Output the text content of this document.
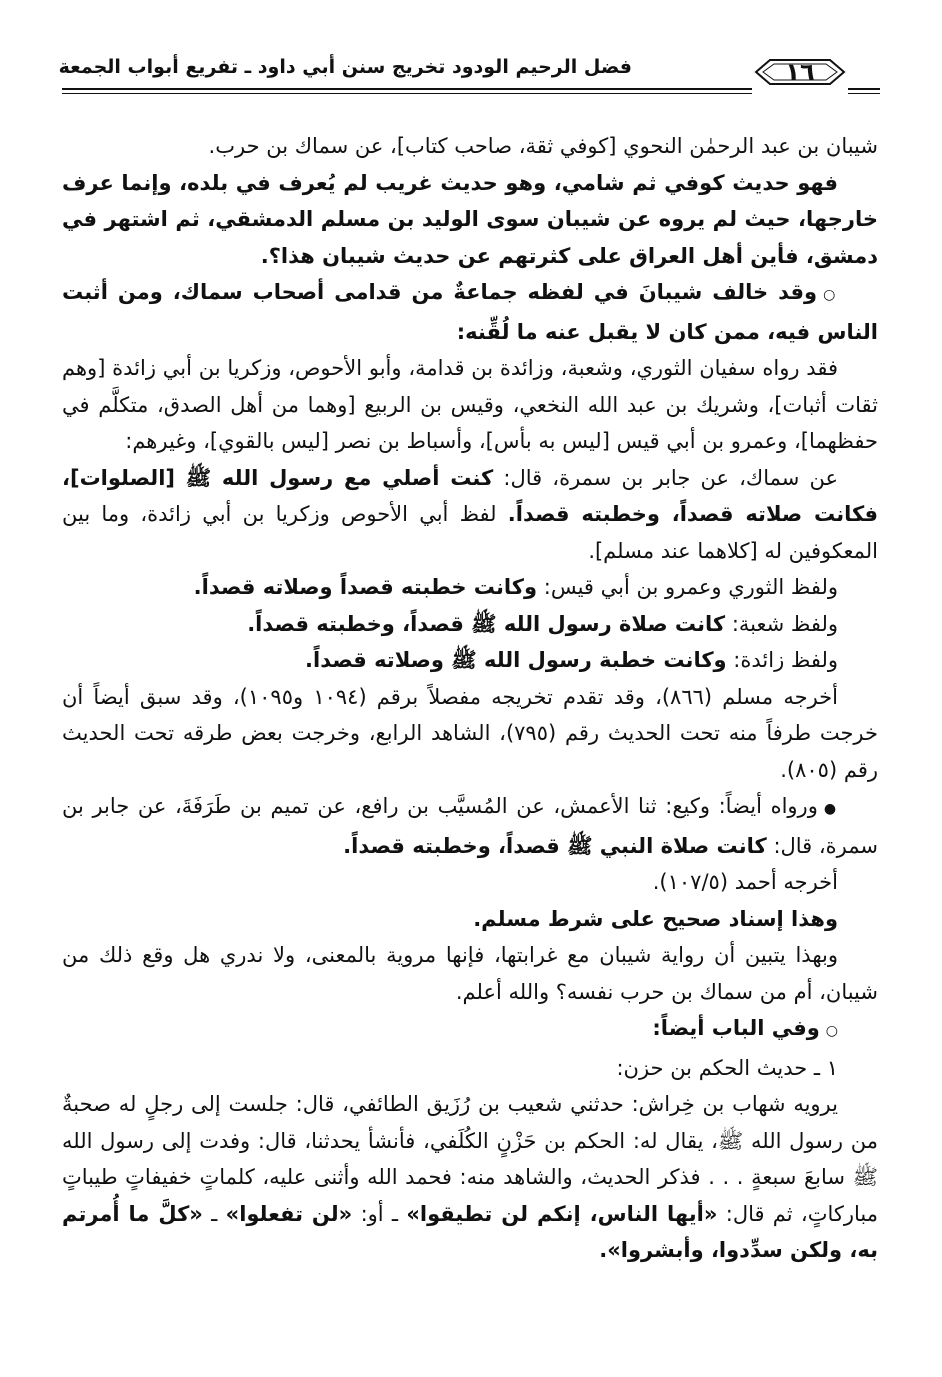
فضل الرحيم الودود تخريج سنن أبي داود ـ تفريع أبواب الجمعة	١٦

شيبان بن عبد الرحمٰن النحوي [كوفي ثقة، صاحب كتاب]، عن سماك بن حرب.

فهو حديث كوفي ثم شامي، وهو حديث غريب لم يُعرف في بلده، وإنما عرف خارجها، حيث لم يروه عن شيبان سوى الوليد بن مسلم الدمشقي، ثم اشتهر في دمشق، فأين أهل العراق على كثرتهم عن حديث شيبان هذا؟.

○وقد خالف شيبانَ في لفظه جماعةٌ من قدامى أصحاب سماك، ومن أثبت الناس فيه، ممن كان لا يقبل عنه ما لُقِّنه:

فقد رواه سفيان الثوري، وشعبة، وزائدة بن قدامة، وأبو الأحوص، وزكريا بن أبي زائدة [وهم ثقات أثبات]، وشريك بن عبد الله النخعي، وقيس بن الربيع [وهما من أهل الصدق، متكلَّم في حفظهما]، وعمرو بن أبي قيس [ليس به بأس]، وأسباط بن نصر [ليس بالقوي]، وغيرهم:

عن سماك، عن جابر بن سمرة، قال: كنت أصلي مع رسول الله ﷺ [الصلوات]، فكانت صلاته قصداً، وخطبته قصداً. لفظ أبي الأحوص وزكريا بن أبي زائدة، وما بين المعكوفين له [كلاهما عند مسلم].

ولفظ الثوري وعمرو بن أبي قيس: وكانت خطبته قصداً وصلاته قصداً.

ولفظ شعبة: كانت صلاة رسول الله ﷺ قصداً، وخطبته قصداً.

ولفظ زائدة: وكانت خطبة رسول الله ﷺ وصلاته قصداً.

أخرجه مسلم (٨٦٦)، وقد تقدم تخريجه مفصلاً برقم (١٠٩٤ و١٠٩٥)، وقد سبق أيضاً أن خرجت طرفاً منه تحت الحديث رقم (٧٩٥)، الشاهد الرابع، وخرجت بعض طرقه تحت الحديث رقم (٨٠٥).

●ورواه أيضاً: وكيع: ثنا الأعمش، عن المُسيَّب بن رافع، عن تميم بن طَرَفَةَ، عن جابر بن سمرة، قال: كانت صلاة النبي ﷺ قصداً، وخطبته قصداً.

أخرجه أحمد (١٠٧/٥).

وهذا إسناد صحيح على شرط مسلم.

وبهذا يتبين أن رواية شيبان مع غرابتها، فإنها مروية بالمعنى، ولا ندري هل وقع ذلك من شيبان، أم من سماك بن حرب نفسه؟ والله أعلم.

○وفي الباب أيضاً:

١ ـ حديث الحكم بن حزن:

يرويه شهاب بن خِراش: حدثني شعيب بن رُزَيق الطائفي، قال: جلست إلى رجلٍ له صحبةٌ من رسول الله ﷺ، يقال له: الحكم بن حَزْنٍ الكُلَفي، فأنشأ يحدثنا، قال: وفدت إلى رسول الله ﷺ سابعَ سبعةٍ . . . فذكر الحديث، والشاهد منه: فحمد الله وأثنى عليه، كلماتٍ خفيفاتٍ طيباتٍ مباركاتٍ، ثم قال: «أيها الناس، إنكم لن تطيقوا» ـ أو: «لن تفعلوا» ـ «كلَّ ما أُمرتم به، ولكن سدِّدوا، وأبشروا».
